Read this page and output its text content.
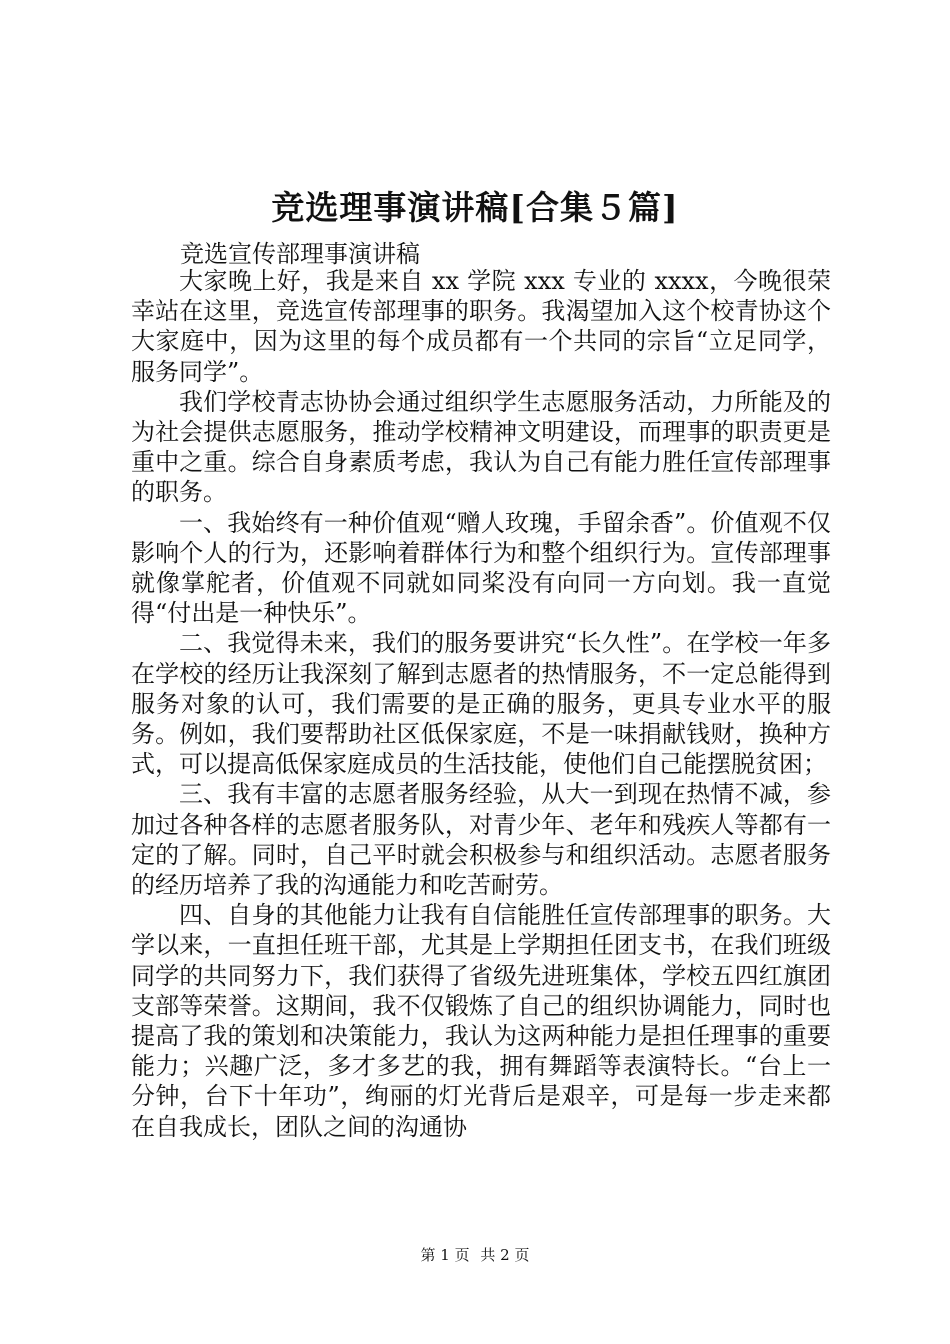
竞选理事演讲稿[合集５篇]
竞选宣传部理事演讲稿

大家晚上好，我是来自 xx 学院 xxx 专业的 xxxx，今晚很荣幸站在这里，竞选宣传部理事的职务。我渴望加入这个校青协这个大家庭中，因为这里的每个成员都有一个共同的宗旨“立足同学，服务同学”。

我们学校青志协协会通过组织学生志愿服务活动，力所能及的为社会提供志愿服务，推动学校精神文明建设，而理事的职责更是重中之重。综合自身素质考虑，我认为自己有能力胜任宣传部理事的职务。

一、我始终有一种价值观“赠人玫瑰，手留余香”。价值观不仅影响个人的行为，还影响着群体行为和整个组织行为。宣传部理事就像掌舵者，价值观不同就如同桨没有向同一方向划。我一直觉得“付出是一种快乐”。

二、我觉得未来，我们的服务要讲究“长久性”。在学校一年多在学校的经历让我深刻了解到志愿者的热情服务，不一定总能得到服务对象的认可，我们需要的是正确的服务，更具专业水平的服务。例如，我们要帮助社区低保家庭，不是一味捐献钱财，换种方式，可以提高低保家庭成员的生活技能，使他们自己能摆脱贫困；

三、我有丰富的志愿者服务经验，从大一到现在热情不减，参加过各种各样的志愿者服务队，对青少年、老年和残疾人等都有一定的了解。同时，自己平时就会积极参与和组织活动。志愿者服务的经历培养了我的沟通能力和吃苦耐劳。

四、自身的其他能力让我有自信能胜任宣传部理事的职务。大学以来，一直担任班干部，尤其是上学期担任团支书，在我们班级同学的共同努力下，我们获得了省级先进班集体，学校五四红旗团支部等荣誉。这期间，我不仅锻炼了自己的组织协调能力，同时也提高了我的策划和决策能力，我认为这两种能力是担任理事的重要能力；兴趣广泛，多才多艺的我，拥有舞蹈等表演特长。“台上一分钟，台下十年功”，绚丽的灯光背后是艰辛，可是每一步走来都在自我成长，团队之间的沟通协

第 1 页 共 2 页
